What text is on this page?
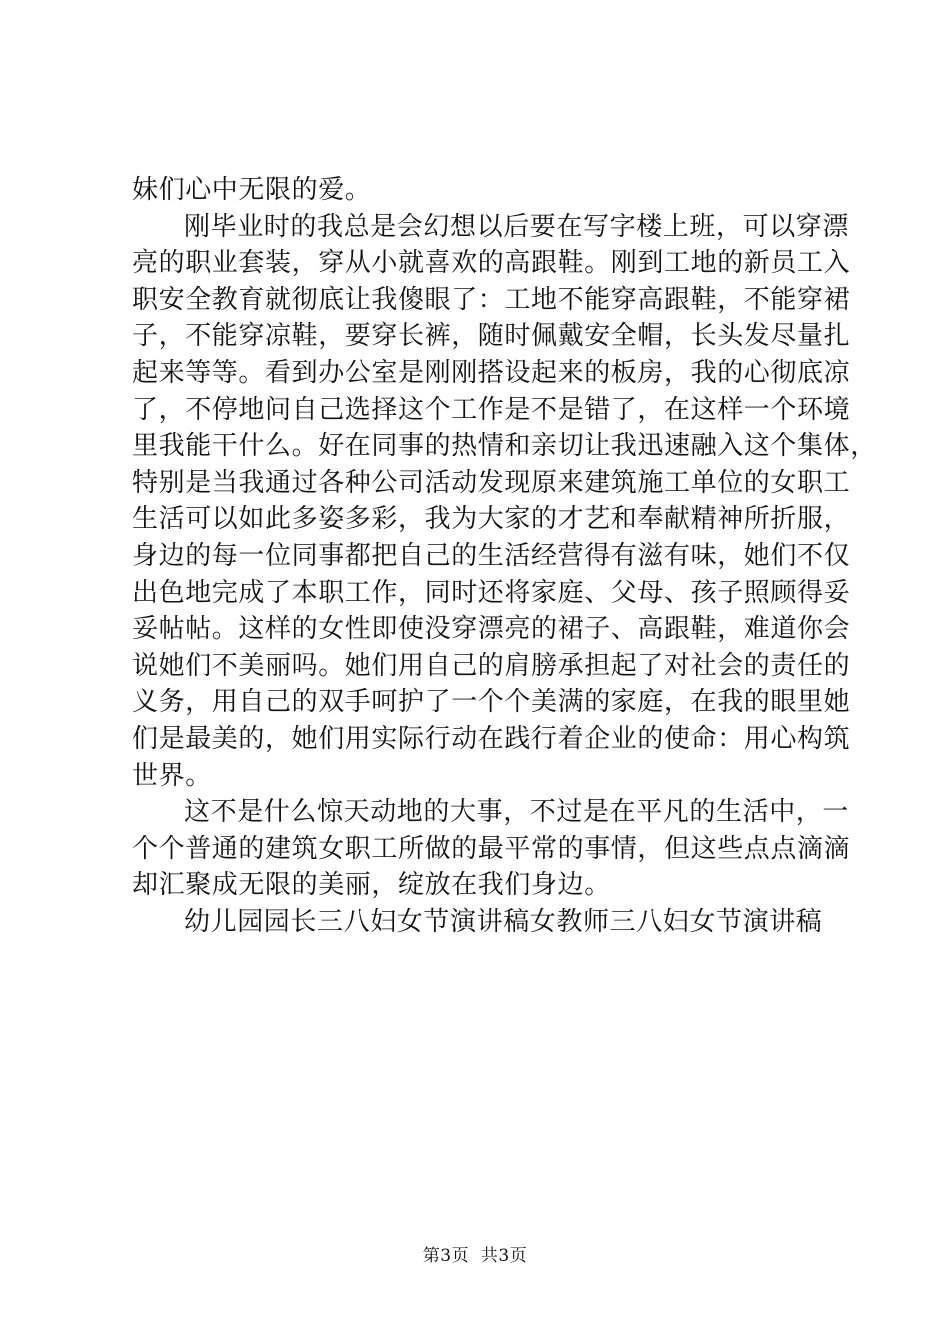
妹们心中无限的爱。
刚毕业时的我总是会幻想以后要在写字楼上班，可以穿漂
亮的职业套装，穿从小就喜欢的高跟鞋。刚到工地的新员工入
职安全教育就彻底让我傻眼了：工地不能穿高跟鞋，不能穿裙
子，不能穿凉鞋，要穿长裤，随时佩戴安全帽，长头发尽量扎
起来等等。看到办公室是刚刚搭设起来的板房，我的心彻底凉
了，不停地问自己选择这个工作是不是错了，在这样一个环境
里我能干什么。好在同事的热情和亲切让我迅速融入这个集体，
特别是当我通过各种公司活动发现原来建筑施工单位的女职工
生活可以如此多姿多彩，我为大家的才艺和奉献精神所折服，
身边的每一位同事都把自己的生活经营得有滋有味，她们不仅
出色地完成了本职工作，同时还将家庭、父母、孩子照顾得妥
妥帖帖。这样的女性即使没穿漂亮的裙子、高跟鞋，难道你会
说她们不美丽吗。她们用自己的肩膀承担起了对社会的责任的
义务，用自己的双手呵护了一个个美满的家庭，在我的眼里她
们是最美的，她们用实际行动在践行着企业的使命：用心构筑
世界。
这不是什么惊天动地的大事，不过是在平凡的生活中，一
个个普通的建筑女职工所做的最平常的事情，但这些点点滴滴
却汇聚成无限的美丽，绽放在我们身边。
幼儿园园长三八妇女节演讲稿女教师三八妇女节演讲稿
第3页  共3页
